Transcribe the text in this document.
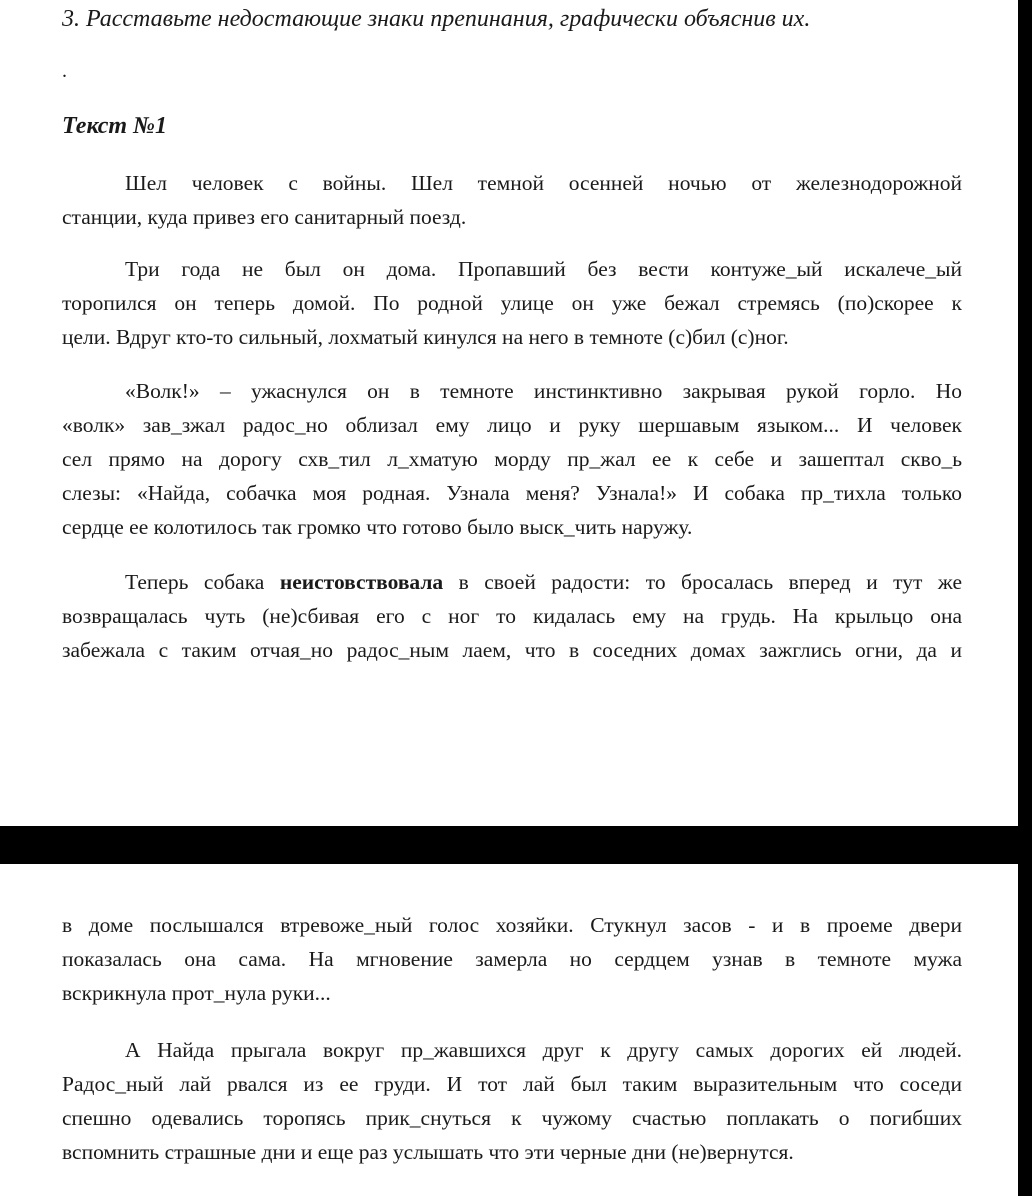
3. Расставьте недостающие знаки препинания, графически объяснив их.
.
Текст №1

Шел человек с войны. Шел темной осенней ночью от железнодорожной
станции, куда привез его санитарный поезд.

Три года не был он дома. Пропавший без вести контуже_ый искалече_ый
торопился он теперь домой. По родной улице он уже бежал стремясь (по)скорее к
цели. Вдруг кто-то сильный, лохматый кинулся на него в темноте (с)бил (с)ног.

«Волк!» – ужаснулся он в темноте инстинктивно закрывая рукой горло. Но
«волк» зав_зжал радос_но облизал ему лицо и руку шершавым языком... И человек
сел прямо на дорогу схв_тил л_хматую морду пр_жал ее к себе и зашептал скво_ь
слезы: «Найда, собачка моя родная. Узнала меня? Узнала!» И собака пр_тихла только
сердце ее колотилось так громко что готово было выск_чить наружу.

Теперь собака неистовствовала в своей радости: то бросалась вперед и тут же
возвращалась чуть (не)сбивая его с ног то кидалась ему на грудь. На крыльцо она
забежала с таким отчая_но радос_ным лаем, что в соседних домах зажглись огни, да и

в доме послышался втревоже_ный голос хозяйки. Стукнул засов - и в проеме двери
показалась она сама. На мгновение замерла но сердцем узнав в темноте мужа
вскрикнула прот_нула руки...

А Найда прыгала вокруг пр_жавшихся друг к другу самых дорогих ей людей.
Радос_ный лай рвался из ее груди. И тот лай был таким выразительным что соседи
спешно одевались торопясь прик_снуться к чужому счастью поплакать о погибших
вспомнить страшные дни и еще раз услышать что эти черные дни (не)вернутся.
